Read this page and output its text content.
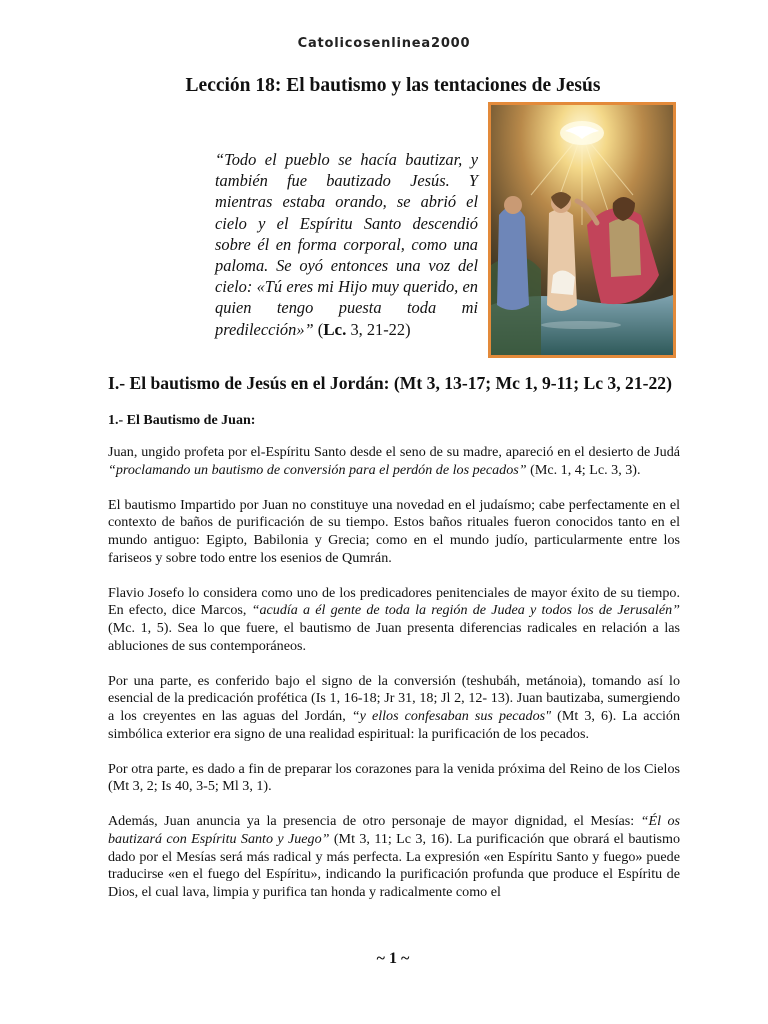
Catolicosenlinea2000
Lección 18: El bautismo y las tentaciones de Jesús
“Todo el pueblo se hacía bautizar, y también fue bautizado Jesús. Y mientras estaba orando, se abrió el cielo y el Espíritu Santo descendió sobre él en forma corporal, como una paloma. Se oyó entonces una voz del cielo: «Tú eres mi Hijo muy querido, en quien tengo puesta toda mi predilección»” (Lc. 3, 21-22)
I.- El bautismo de Jesús en el Jordán: (Mt 3, 13-17; Mc 1, 9-11; Lc 3, 21-22)
1.- El Bautismo de Juan:

Juan, ungido profeta por el-Espíritu Santo desde el seno de su madre, apareció en el desierto de Judá “proclamando un bautismo de conversión para el perdón de los pecados” (Mc. 1, 4; Lc. 3, 3).

El bautismo Impartido por Juan no constituye una novedad en el judaísmo; cabe perfectamente en el contexto de baños de purificación de su tiempo. Estos baños rituales fueron conocidos tanto en el mundo antiguo: Egipto, Babilonia y Grecia; como en el mundo judío, particularmente entre los fariseos y sobre todo entre los esenios de Qumrán.

Flavio Josefo lo considera como uno de los predicadores penitenciales de mayor éxito de su tiempo. En efecto, dice Marcos, “acudía a él gente de toda la región de Judea y todos los de Jerusalén” (Mc. 1, 5). Sea lo que fuere, el bautismo de Juan presenta diferencias radicales en relación a las abluciones de sus contemporáneos.

Por una parte, es conferido bajo el signo de la conversión (teshubáh, metánoia), tomando así lo esencial de la predicación profética (Is 1, 16-18; Jr 31, 18; Jl 2, 12- 13). Juan bautizaba, sumergiendo a los creyentes en las aguas del Jordán, “y ellos confesaban sus pecados" (Mt 3, 6). La acción simbólica exterior era signo de una realidad espiritual: la purificación de los pecados.

Por otra parte, es dado a fin de preparar los corazones para la venida próxima del Reino de los Cielos (Mt 3, 2; Is 40, 3-5; Ml 3, 1).

Además, Juan anuncia ya la presencia de otro personaje de mayor dignidad, el Mesías: “Él os bautizará con Espíritu Santo y Juego” (Mt 3, 11; Lc 3, 16). La purificación que obrará el bautismo dado por el Mesías será más radical y más perfecta. La expresión «en Espíritu Santo y fuego» puede traducirse «en el fuego del Espíritu», indicando la purificación profunda que produce el Espíritu de Dios, el cual lava, limpia y purifica tan honda y radicalmente como el

~ 1 ~
